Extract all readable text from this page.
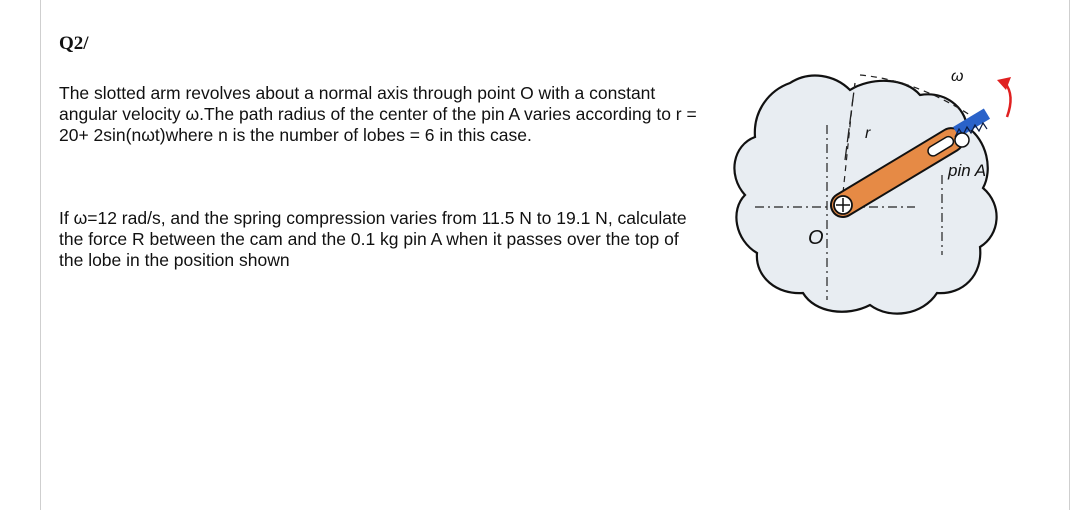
Q2/

The slotted arm revolves about a normal axis through point O with a constant angular velocity ω.The path radius of the center of the pin A varies according to r = 20+ 2sin(nωt)where n is the number of lobes = 6 in this case.

If ω=12 rad/s, and the spring compression varies from 11.5 N to 19.1 N, calculate the force R between the cam and the 0.1 kg pin A when it passes over the top of the lobe in the position shown

ω
r
pin A
O
